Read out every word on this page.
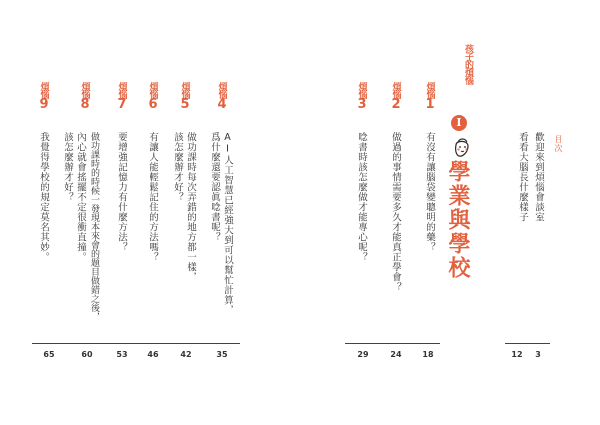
目次
歡迎來到煩惱會談室
看看大腦長什麼樣子
3
12
孩子的煩惱
I
學業與學校
煩惱
1
有沒有讓腦袋變聰明的藥？
煩惱
2
做過的事情需要多久才能真正學會？
煩惱
3
唸書時該怎麼做才能專心呢？
18
24
29
煩惱
4
AI人工智慧已經強大到可以幫忙計算，
爲什麼還要認眞唸書呢？
煩惱
5
做功課時每次弄錯的地方都一樣，
該怎麼辦才好？
煩惱
6
有讓人能輕鬆記住的方法嗎？
煩惱
7
要增強記憶力有什麼方法？
煩惱
8
做功課時的時候一發現本來會的題目做錯之後，
內心就會搖擺不定很衝直撞。
該怎麼辦才好？
煩惱
9
我覺得學校的規定莫名其妙。
35
42
46
53
60
65
